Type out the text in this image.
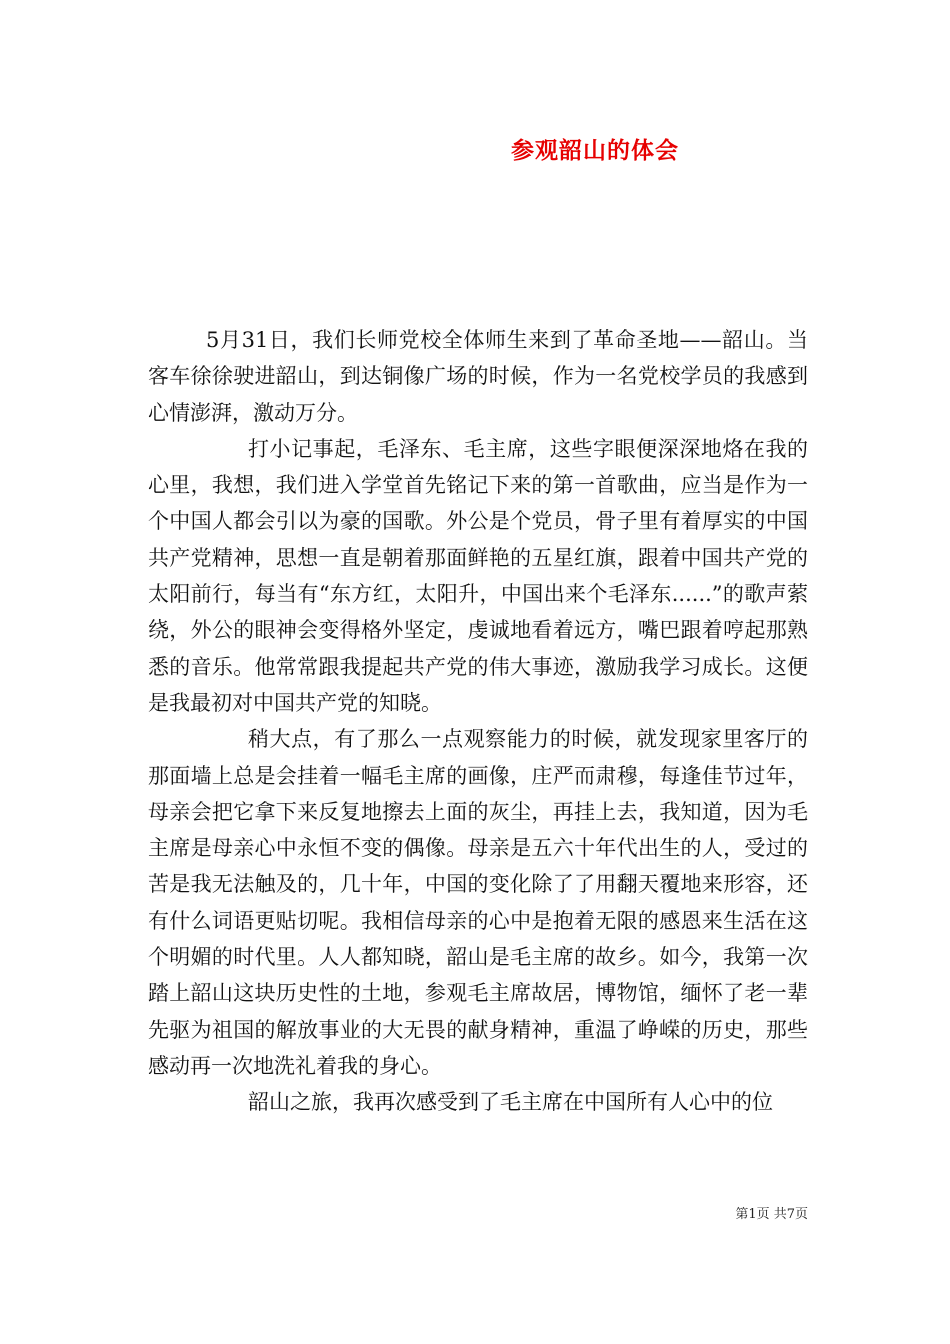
参观韶山的体会

5月31日，我们长师党校全体师生来到了革命圣地——韶山。当客车徐徐驶进韶山，到达铜像广场的时候，作为一名党校学员的我感到心情澎湃，激动万分。

打小记事起，毛泽东、毛主席，这些字眼便深深地烙在我的心里，我想，我们进入学堂首先铭记下来的第一首歌曲，应当是作为一个中国人都会引以为豪的国歌。外公是个党员，骨子里有着厚实的中国共产党精神，思想一直是朝着那面鲜艳的五星红旗，跟着中国共产党的太阳前行，每当有“东方红，太阳升，中国出来个毛泽东......”的歌声萦绕，外公的眼神会变得格外坚定，虔诚地看着远方，嘴巴跟着哼起那熟悉的音乐。他常常跟我提起共产党的伟大事迹，激励我学习成长。这便是我最初对中国共产党的知晓。

稍大点，有了那么一点观察能力的时候，就发现家里客厅的那面墙上总是会挂着一幅毛主席的画像，庄严而肃穆，每逢佳节过年，母亲会把它拿下来反复地擦去上面的灰尘，再挂上去，我知道，因为毛主席是母亲心中永恒不变的偶像。母亲是五六十年代出生的人，受过的苦是我无法触及的，几十年，中国的变化除了了用翻天覆地来形容，还有什么词语更贴切呢。我相信母亲的心中是抱着无限的感恩来生活在这个明媚的时代里。人人都知晓，韶山是毛主席的故乡。如今，我第一次踏上韶山这块历史性的土地，参观毛主席故居，博物馆，缅怀了老一辈先驱为祖国的解放事业的大无畏的献身精神，重温了峥嵘的历史，那些感动再一次地洗礼着我的身心。

韶山之旅，我再次感受到了毛主席在中国所有人心中的位

第1页 共7页
